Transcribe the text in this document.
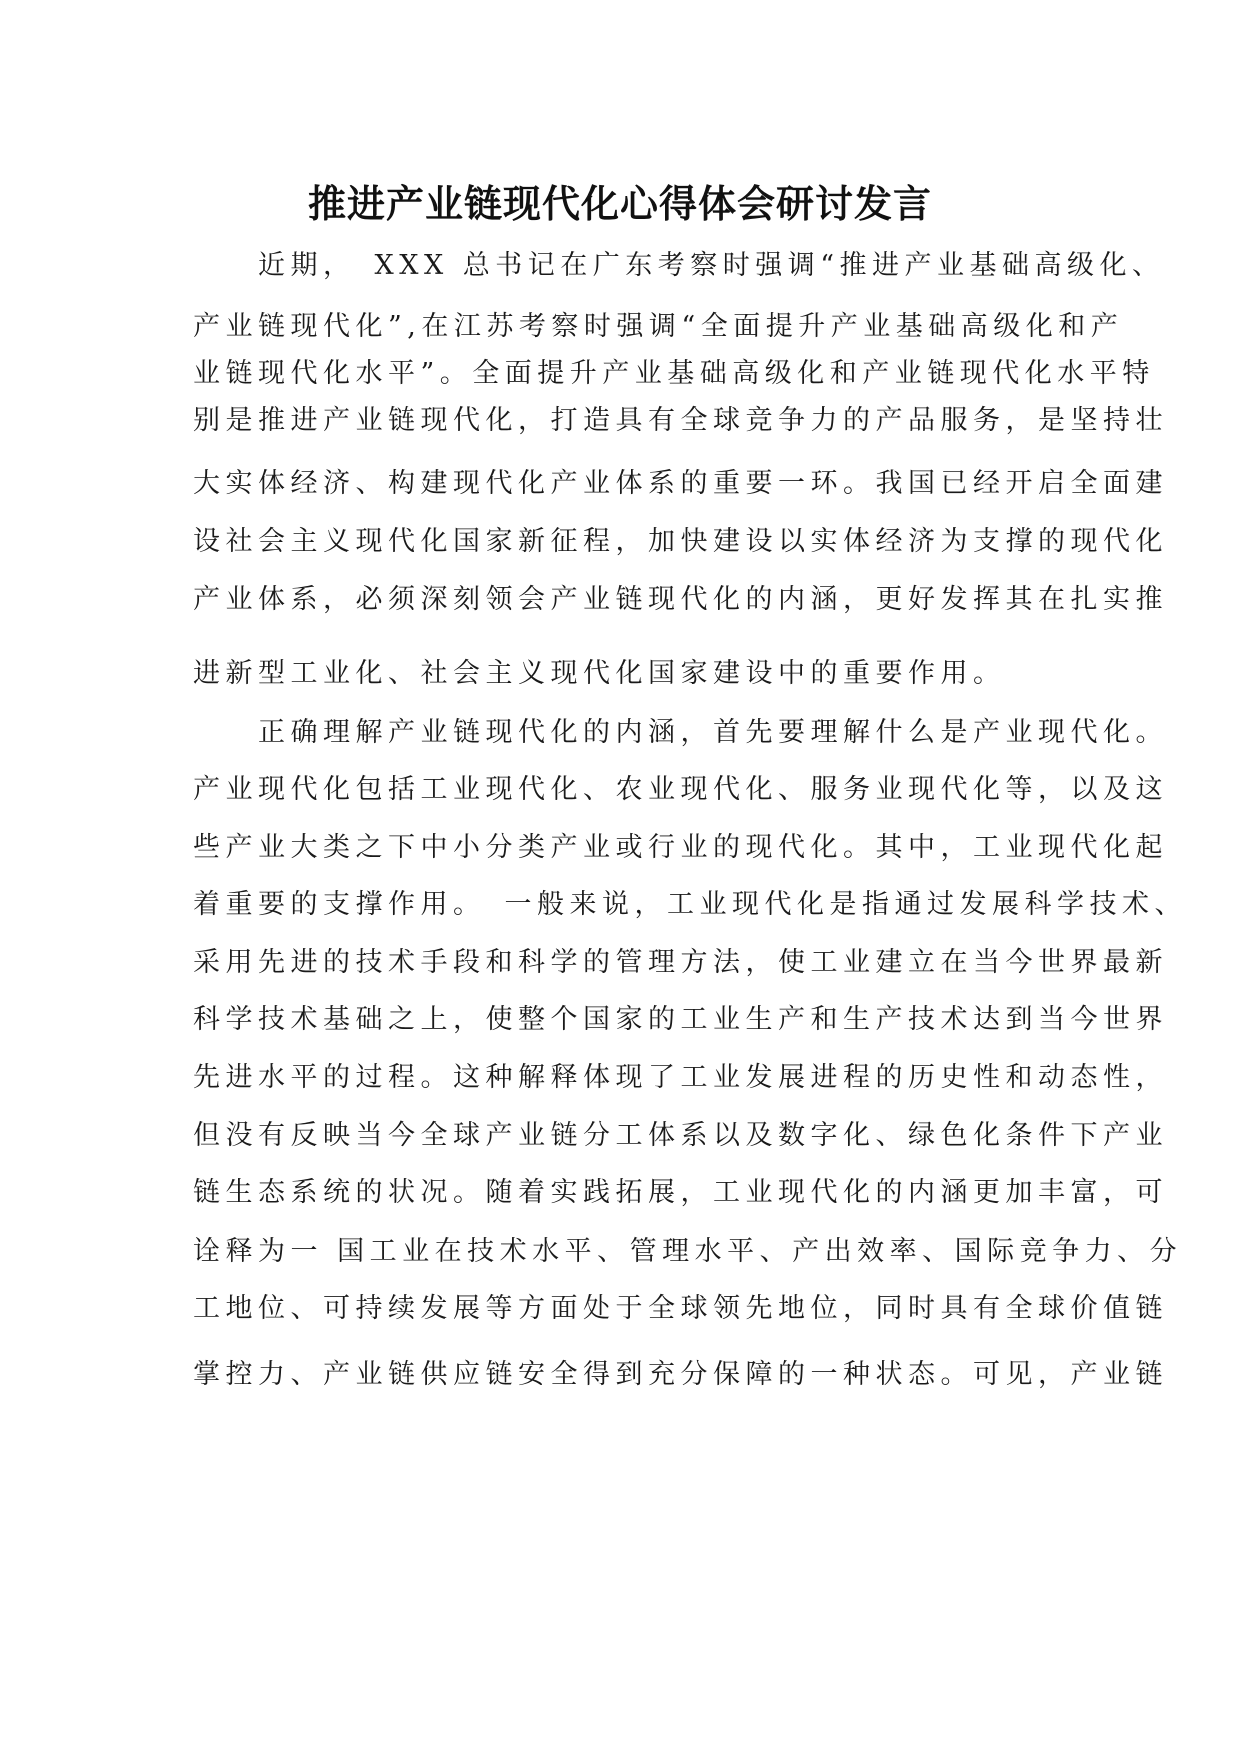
推进产业链现代化心得体会研讨发言
　　近期，　XXX 总书记在广东考察时强调“推进产业基础高级化、
产业链现代化”,在江苏考察时强调“全面提升产业基础高级化和产
业链现代化水平”。全面提升产业基础高级化和产业链现代化水平特
别是推进产业链现代化，打造具有全球竞争力的产品服务，是坚持壮
大实体经济、构建现代化产业体系的重要一环。我国已经开启全面建
设社会主义现代化国家新征程，加快建设以实体经济为支撑的现代化
产业体系，必须深刻领会产业链现代化的内涵，更好发挥其在扎实推
进新型工业化、社会主义现代化国家建设中的重要作用。
　　正确理解产业链现代化的内涵，首先要理解什么是产业现代化。
产业现代化包括工业现代化、农业现代化、服务业现代化等，以及这
些产业大类之下中小分类产业或行业的现代化。其中，工业现代化起
着重要的支撑作用。　一般来说，工业现代化是指通过发展科学技术、
采用先进的技术手段和科学的管理方法，使工业建立在当今世界最新
科学技术基础之上，使整个国家的工业生产和生产技术达到当今世界
先进水平的过程。这种解释体现了工业发展进程的历史性和动态性，
但没有反映当今全球产业链分工体系以及数字化、绿色化条件下产业
链生态系统的状况。随着实践拓展，工业现代化的内涵更加丰富，可
诠释为一 国工业在技术水平、管理水平、产出效率、国际竞争力、分
工地位、可持续发展等方面处于全球领先地位，同时具有全球价值链
掌控力、产业链供应链安全得到充分保障的一种状态。可见，产业链
